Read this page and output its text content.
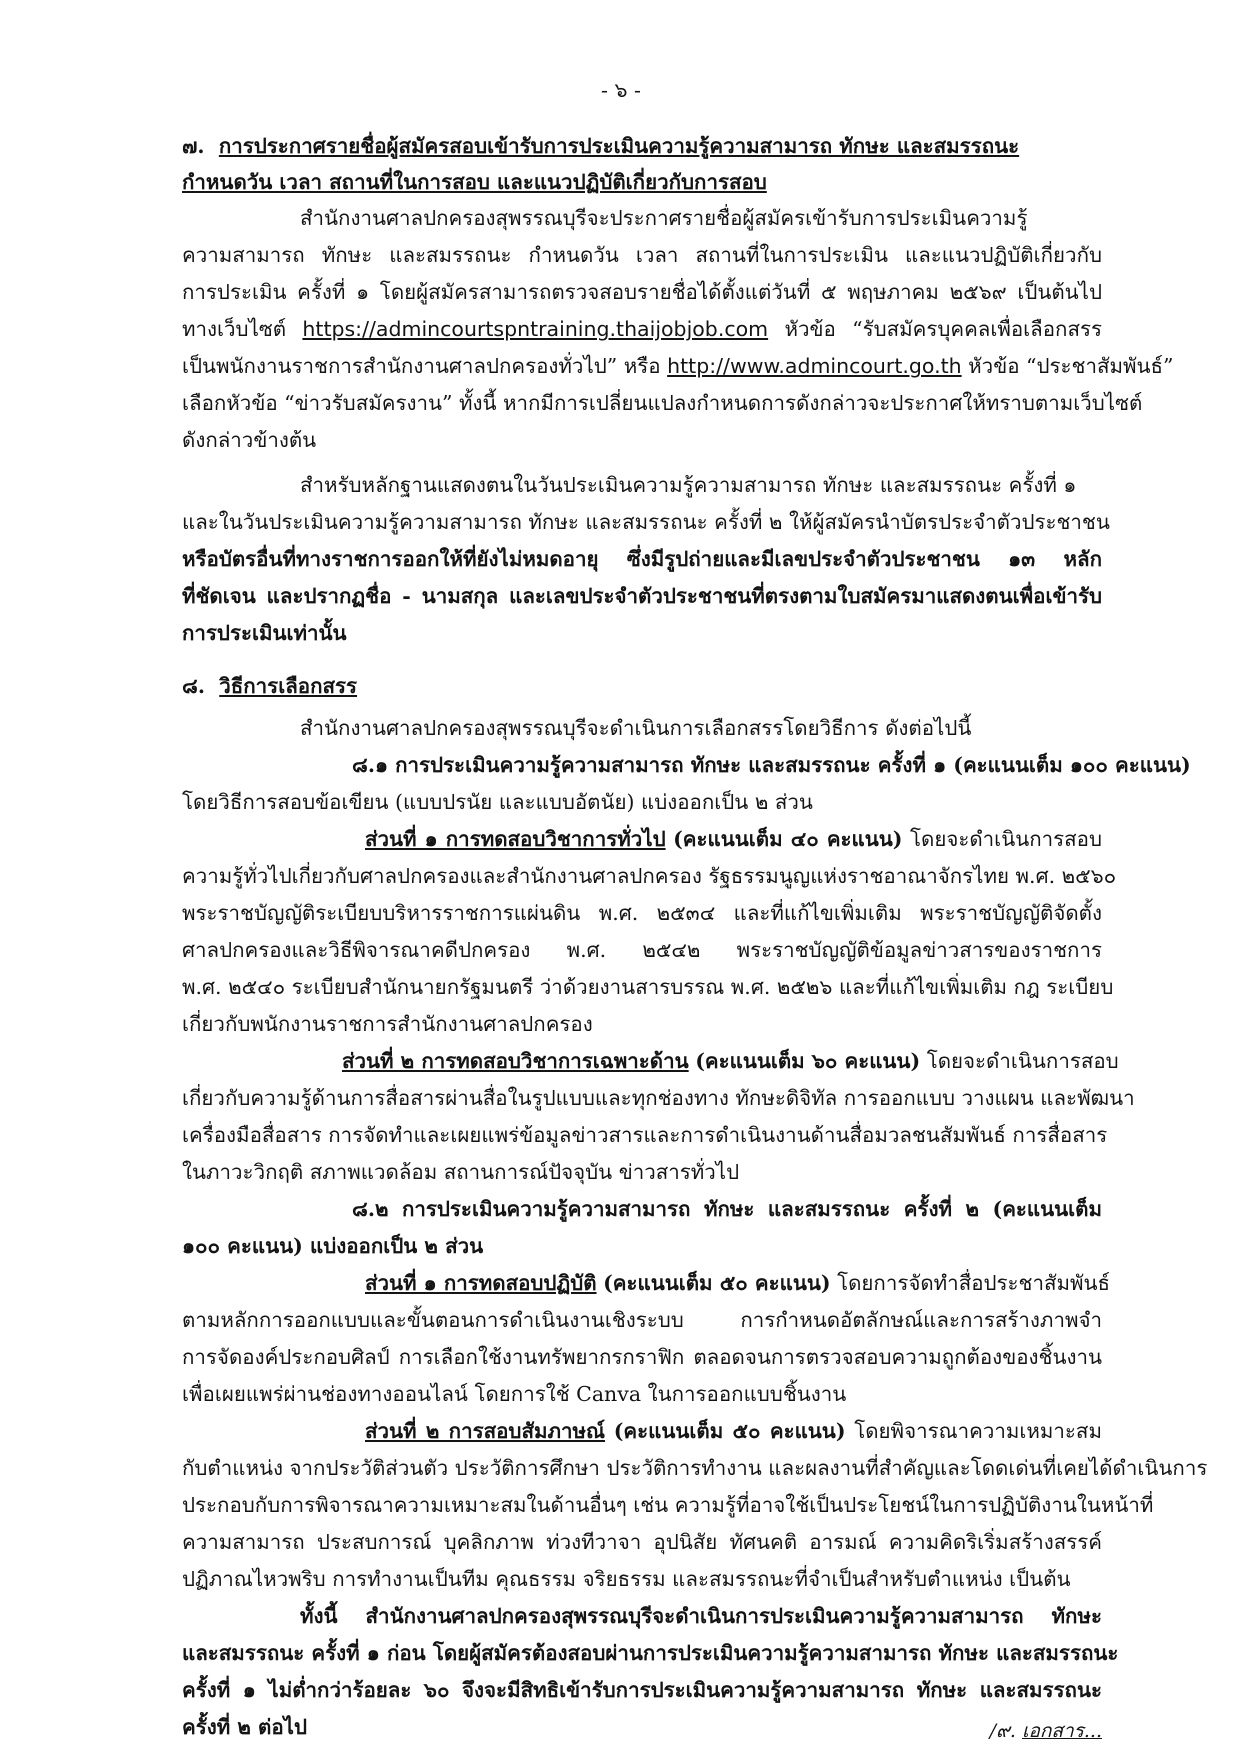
- ๖ -
๗. การประกาศรายชื่อผู้สมัครสอบเข้ารับการประเมินความรู้ความสามารถ ทักษะ และสมรรถนะ
กำหนดวัน เวลา สถานที่ในการสอบ และแนวปฏิบัติเกี่ยวกับการสอบ
สำนักงานศาลปกครองสุพรรณบุรีจะประกาศรายชื่อผู้สมัครเข้ารับการประเมินความรู้
ความสามารถ ทักษะ และสมรรถนะ กำหนดวัน เวลา สถานที่ในการประเมิน และแนวปฏิบัติเกี่ยวกับ
การประเมิน ครั้งที่ ๑ โดยผู้สมัครสามารถตรวจสอบรายชื่อได้ตั้งแต่วันที่ ๕ พฤษภาคม ๒๕๖๙ เป็นต้นไป
ทางเว็บไซต์ https://admincourtspntraining.thaijobjob.com หัวข้อ “รับสมัครบุคคลเพื่อเลือกสรร
เป็นพนักงานราชการสำนักงานศาลปกครองทั่วไป” หรือ http://www.admincourt.go.th หัวข้อ “ประชาสัมพันธ์”
เลือกหัวข้อ “ข่าวรับสมัครงาน” ทั้งนี้ หากมีการเปลี่ยนแปลงกำหนดการดังกล่าวจะประกาศให้ทราบตามเว็บไซต์
ดังกล่าวข้างต้น
สำหรับหลักฐานแสดงตนในวันประเมินความรู้ความสามารถ ทักษะ และสมรรถนะ ครั้งที่ ๑
และในวันประเมินความรู้ความสามารถ ทักษะ และสมรรถนะ ครั้งที่ ๒ ให้ผู้สมัครนำบัตรประจำตัวประชาชน
หรือบัตรอื่นที่ทางราชการออกให้ที่ยังไม่หมดอายุ ซึ่งมีรูปถ่ายและมีเลขประจำตัวประชาชน ๑๓ หลัก
ที่ชัดเจน และปรากฏชื่อ - นามสกุล และเลขประจำตัวประชาชนที่ตรงตามใบสมัครมาแสดงตนเพื่อเข้ารับ
การประเมินเท่านั้น
๘. วิธีการเลือกสรร
สำนักงานศาลปกครองสุพรรณบุรีจะดำเนินการเลือกสรรโดยวิธีการ ดังต่อไปนี้
๘.๑ การประเมินความรู้ความสามารถ ทักษะ และสมรรถนะ ครั้งที่ ๑ (คะแนนเต็ม ๑๐๐ คะแนน)
โดยวิธีการสอบข้อเขียน (แบบปรนัย และแบบอัตนัย) แบ่งออกเป็น ๒ ส่วน
ส่วนที่ ๑ การทดสอบวิชาการทั่วไป (คะแนนเต็ม ๔๐ คะแนน) โดยจะดำเนินการสอบ
ความรู้ทั่วไปเกี่ยวกับศาลปกครองและสำนักงานศาลปกครอง รัฐธรรมนูญแห่งราชอาณาจักรไทย พ.ศ. ๒๕๖๐
พระราชบัญญัติระเบียบบริหารราชการแผ่นดิน พ.ศ. ๒๕๓๔ และที่แก้ไขเพิ่มเติม พระราชบัญญัติจัดตั้ง
ศาลปกครองและวิธีพิจารณาคดีปกครอง พ.ศ. ๒๕๔๒ พระราชบัญญัติข้อมูลข่าวสารของราชการ
พ.ศ. ๒๕๔๐ ระเบียบสำนักนายกรัฐมนตรี ว่าด้วยงานสารบรรณ พ.ศ. ๒๕๒๖ และที่แก้ไขเพิ่มเติม กฎ ระเบียบ
เกี่ยวกับพนักงานราชการสำนักงานศาลปกครอง
ส่วนที่ ๒ การทดสอบวิชาการเฉพาะด้าน (คะแนนเต็ม ๖๐ คะแนน) โดยจะดำเนินการสอบ
เกี่ยวกับความรู้ด้านการสื่อสารผ่านสื่อในรูปแบบและทุกช่องทาง ทักษะดิจิทัล การออกแบบ วางแผน และพัฒนา
เครื่องมือสื่อสาร การจัดทำและเผยแพร่ข้อมูลข่าวสารและการดำเนินงานด้านสื่อมวลชนสัมพันธ์ การสื่อสาร
ในภาวะวิกฤติ สภาพแวดล้อม สถานการณ์ปัจจุบัน ข่าวสารทั่วไป
๘.๒ การประเมินความรู้ความสามารถ ทักษะ และสมรรถนะ ครั้งที่ ๒ (คะแนนเต็ม
๑๐๐ คะแนน) แบ่งออกเป็น ๒ ส่วน
ส่วนที่ ๑ การทดสอบปฏิบัติ (คะแนนเต็ม ๕๐ คะแนน) โดยการจัดทำสื่อประชาสัมพันธ์
ตามหลักการออกแบบและขั้นตอนการดำเนินงานเชิงระบบ การกำหนดอัตลักษณ์และการสร้างภาพจำ
การจัดองค์ประกอบศิลป์ การเลือกใช้งานทรัพยากรกราฟิก ตลอดจนการตรวจสอบความถูกต้องของชิ้นงาน
เพื่อเผยแพร่ผ่านช่องทางออนไลน์ โดยการใช้ Canva ในการออกแบบชิ้นงาน
ส่วนที่ ๒ การสอบสัมภาษณ์ (คะแนนเต็ม ๕๐ คะแนน) โดยพิจารณาความเหมาะสม
กับตำแหน่ง จากประวัติส่วนตัว ประวัติการศึกษา ประวัติการทำงาน และผลงานที่สำคัญและโดดเด่นที่เคยได้ดำเนินการ
ประกอบกับการพิจารณาความเหมาะสมในด้านอื่นๆ เช่น ความรู้ที่อาจใช้เป็นประโยชน์ในการปฏิบัติงานในหน้าที่
ความสามารถ ประสบการณ์ บุคลิกภาพ ท่วงทีวาจา อุปนิสัย ทัศนคติ อารมณ์ ความคิดริเริ่มสร้างสรรค์
ปฏิภาณไหวพริบ การทำงานเป็นทีม คุณธรรม จริยธรรม และสมรรถนะที่จำเป็นสำหรับตำแหน่ง เป็นต้น
ทั้งนี้ สำนักงานศาลปกครองสุพรรณบุรีจะดำเนินการประเมินความรู้ความสามารถ ทักษะ
และสมรรถนะ ครั้งที่ ๑ ก่อน โดยผู้สมัครต้องสอบผ่านการประเมินความรู้ความสามารถ ทักษะ และสมรรถนะ
ครั้งที่ ๑ ไม่ต่ำกว่าร้อยละ ๖๐ จึงจะมีสิทธิเข้ารับการประเมินความรู้ความสามารถ ทักษะ และสมรรถนะ
ครั้งที่ ๒ ต่อไป	/๙. เอกสาร...
